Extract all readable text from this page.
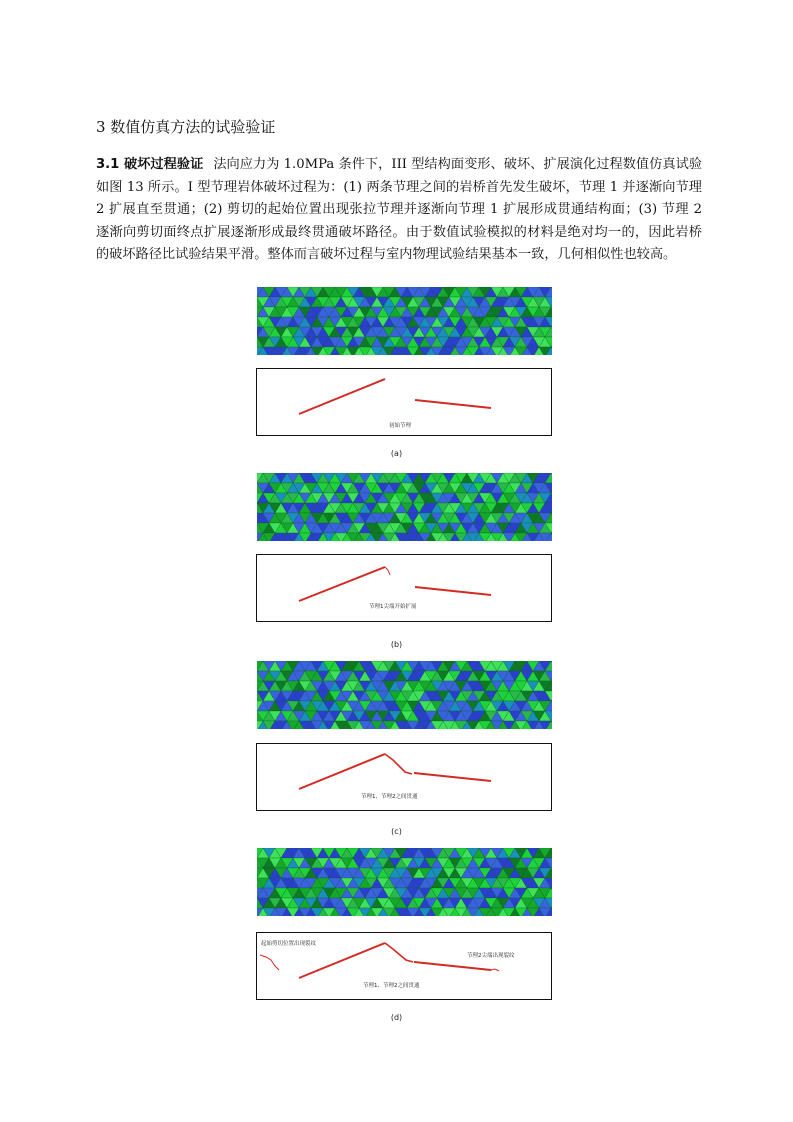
3 数值仿真方法的试验验证
3.1 破坏过程验证 法向应力为 1.0MPa 条件下，III 型结构面变形、破坏、扩展演化过程数值仿真试验如图 13 所示。I 型节理岩体破坏过程为：(1) 两条节理之间的岩桥首先发生破坏，节理 1 并逐渐向节理 2 扩展直至贯通；(2) 剪切的起始位置出现张拉节理并逐渐向节理 1 扩展形成贯通结构面；(3) 节理 2 逐渐向剪切面终点扩展逐渐形成最终贯通破坏路径。由于数值试验模拟的材料是绝对均一的，因此岩桥的破坏路径比试验结果平滑。整体而言破坏过程与室内物理试验结果基本一致，几何相似性也较高。
初始节理
(a)
节理1尖端开始扩展
(b)
节理1、节理2之间贯通
(c)
起始剪切位置出现裂纹
节理2尖端出现裂纹
节理1、节理2之间贯通
(d)
